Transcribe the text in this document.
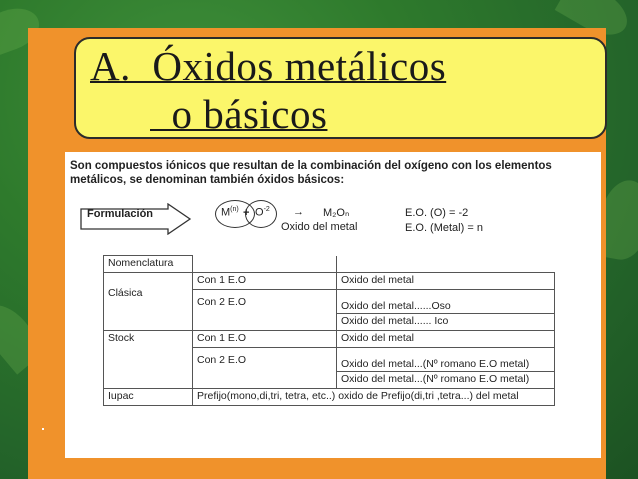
A.  Óxidos metálicos
o básicos
Son compuestos iónicos que resultan de la combinación del oxígeno con los elementos metálicos, se denominan también óxidos básicos:
Formulación	$M^{(n)} + O^{-2} \to M_2O_n$
Oxido del metal
E.O. (O) = -2
E.O. (Metal) = n
Nomenclatura		
Clásica	Con 1 E.O	Oxido del metal
	Con 2 E.O	Oxido del metal......Oso
		Oxido del metal...... Ico
Stock	Con 1 E.O	Oxido del metal
	Con 2 E.O	Oxido del metal...(Nº romano E.O metal)
		Oxido del metal...(Nº romano E.O metal)
Iupac	Prefijo(mono,di,tri, tetra, etc..) oxido de Prefijo(di,tri ,tetra...) del metal	
